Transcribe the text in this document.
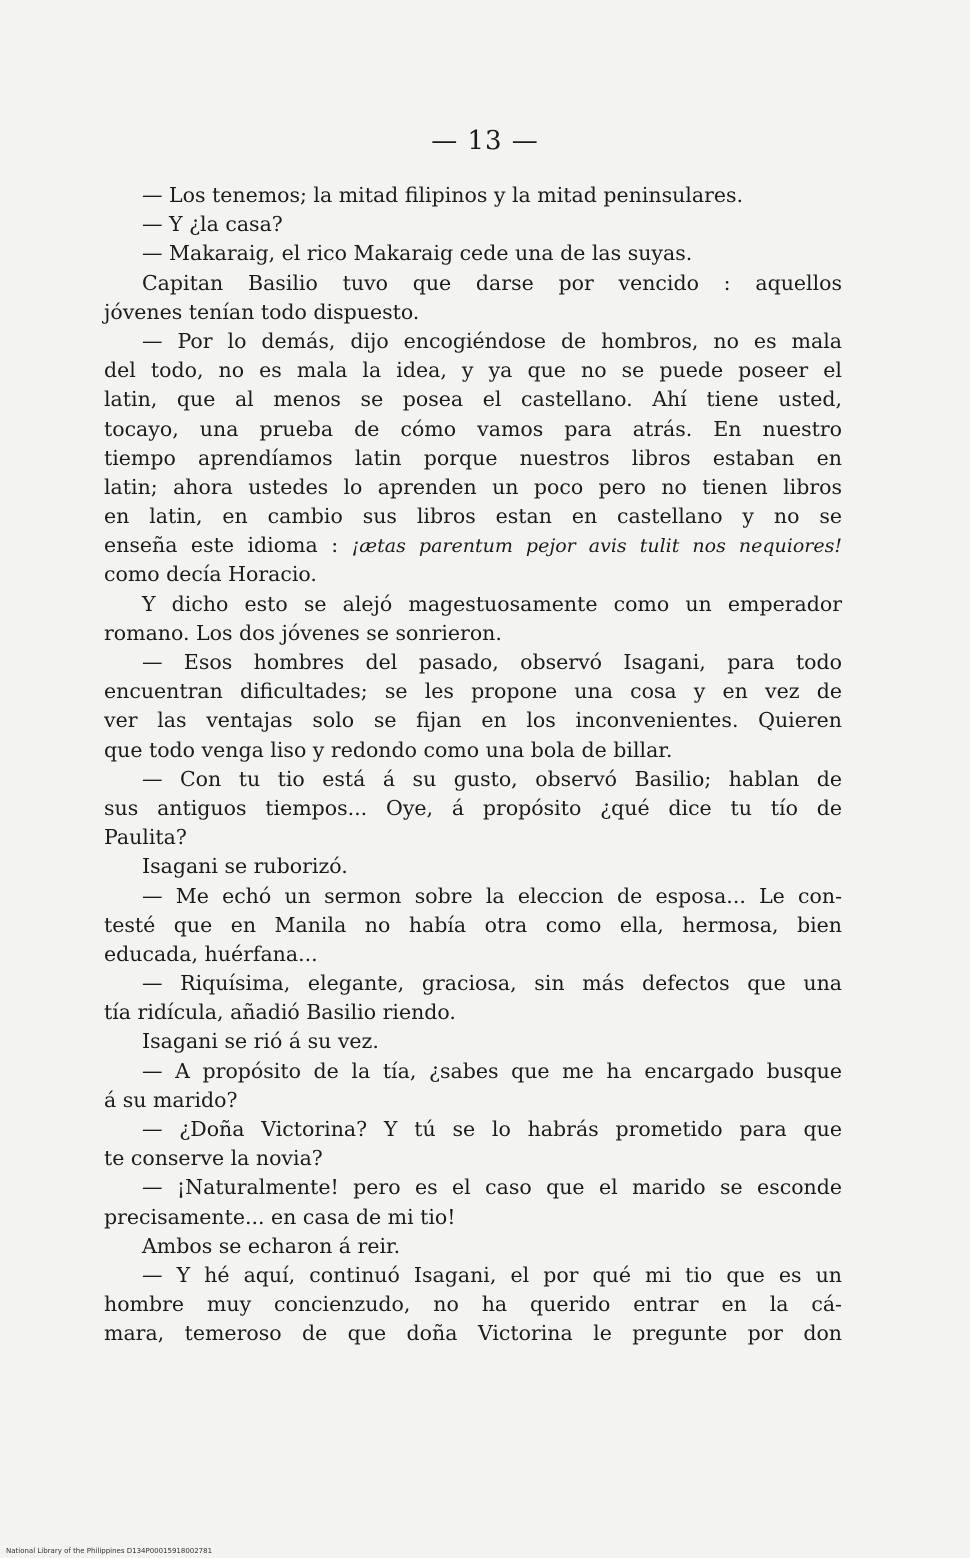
— 13 —
— Los tenemos; la mitad filipinos y la mitad peninsulares.
— Y ¿la casa?
— Makaraig, el rico Makaraig cede una de las suyas.
Capitan Basilio tuvo que darse por vencido : aquellos
jóvenes tenían todo dispuesto.
— Por lo demás, dijo encogiéndose de hombros, no es mala
del todo, no es mala la idea, y ya que no se puede poseer el
latin, que al menos se posea el castellano. Ahí tiene usted,
tocayo, una prueba de cómo vamos para atrás. En nuestro
tiempo aprendíamos latin porque nuestros libros estaban en
latin; ahora ustedes lo aprenden un poco pero no tienen libros
en latin, en cambio sus libros estan en castellano y no se
enseña este idioma : ¡ætas parentum pejor avis tulit nos nequiores!
como decía Horacio.
Y dicho esto se alejó magestuosamente como un emperador
romano. Los dos jóvenes se sonrieron.
— Esos hombres del pasado, observó Isagani, para todo
encuentran dificultades; se les propone una cosa y en vez de
ver las ventajas solo se fijan en los inconvenientes. Quieren
que todo venga liso y redondo como una bola de billar.
— Con tu tio está á su gusto, observó Basilio; hablan de
sus antiguos tiempos... Oye, á propósito ¿qué dice tu tío de
Paulita?
Isagani se ruborizó.
— Me echó un sermon sobre la eleccion de esposa... Le con-
testé que en Manila no había otra como ella, hermosa, bien
educada, huérfana...
— Riquísima, elegante, graciosa, sin más defectos que una
tía ridícula, añadió Basilio riendo.
Isagani se rió á su vez.
— A propósito de la tía, ¿sabes que me ha encargado busque
á su marido?
— ¿Doña Victorina? Y tú se lo habrás prometido para que
te conserve la novia?
— ¡Naturalmente! pero es el caso que el marido se esconde
precisamente... en casa de mi tio!
Ambos se echaron á reir.
— Y hé aquí, continuó Isagani, el por qué mi tio que es un
hombre muy concienzudo, no ha querido entrar en la cá-
mara, temeroso de que doña Victorina le pregunte por don
National Library of the Philippines D134P00015918002781
